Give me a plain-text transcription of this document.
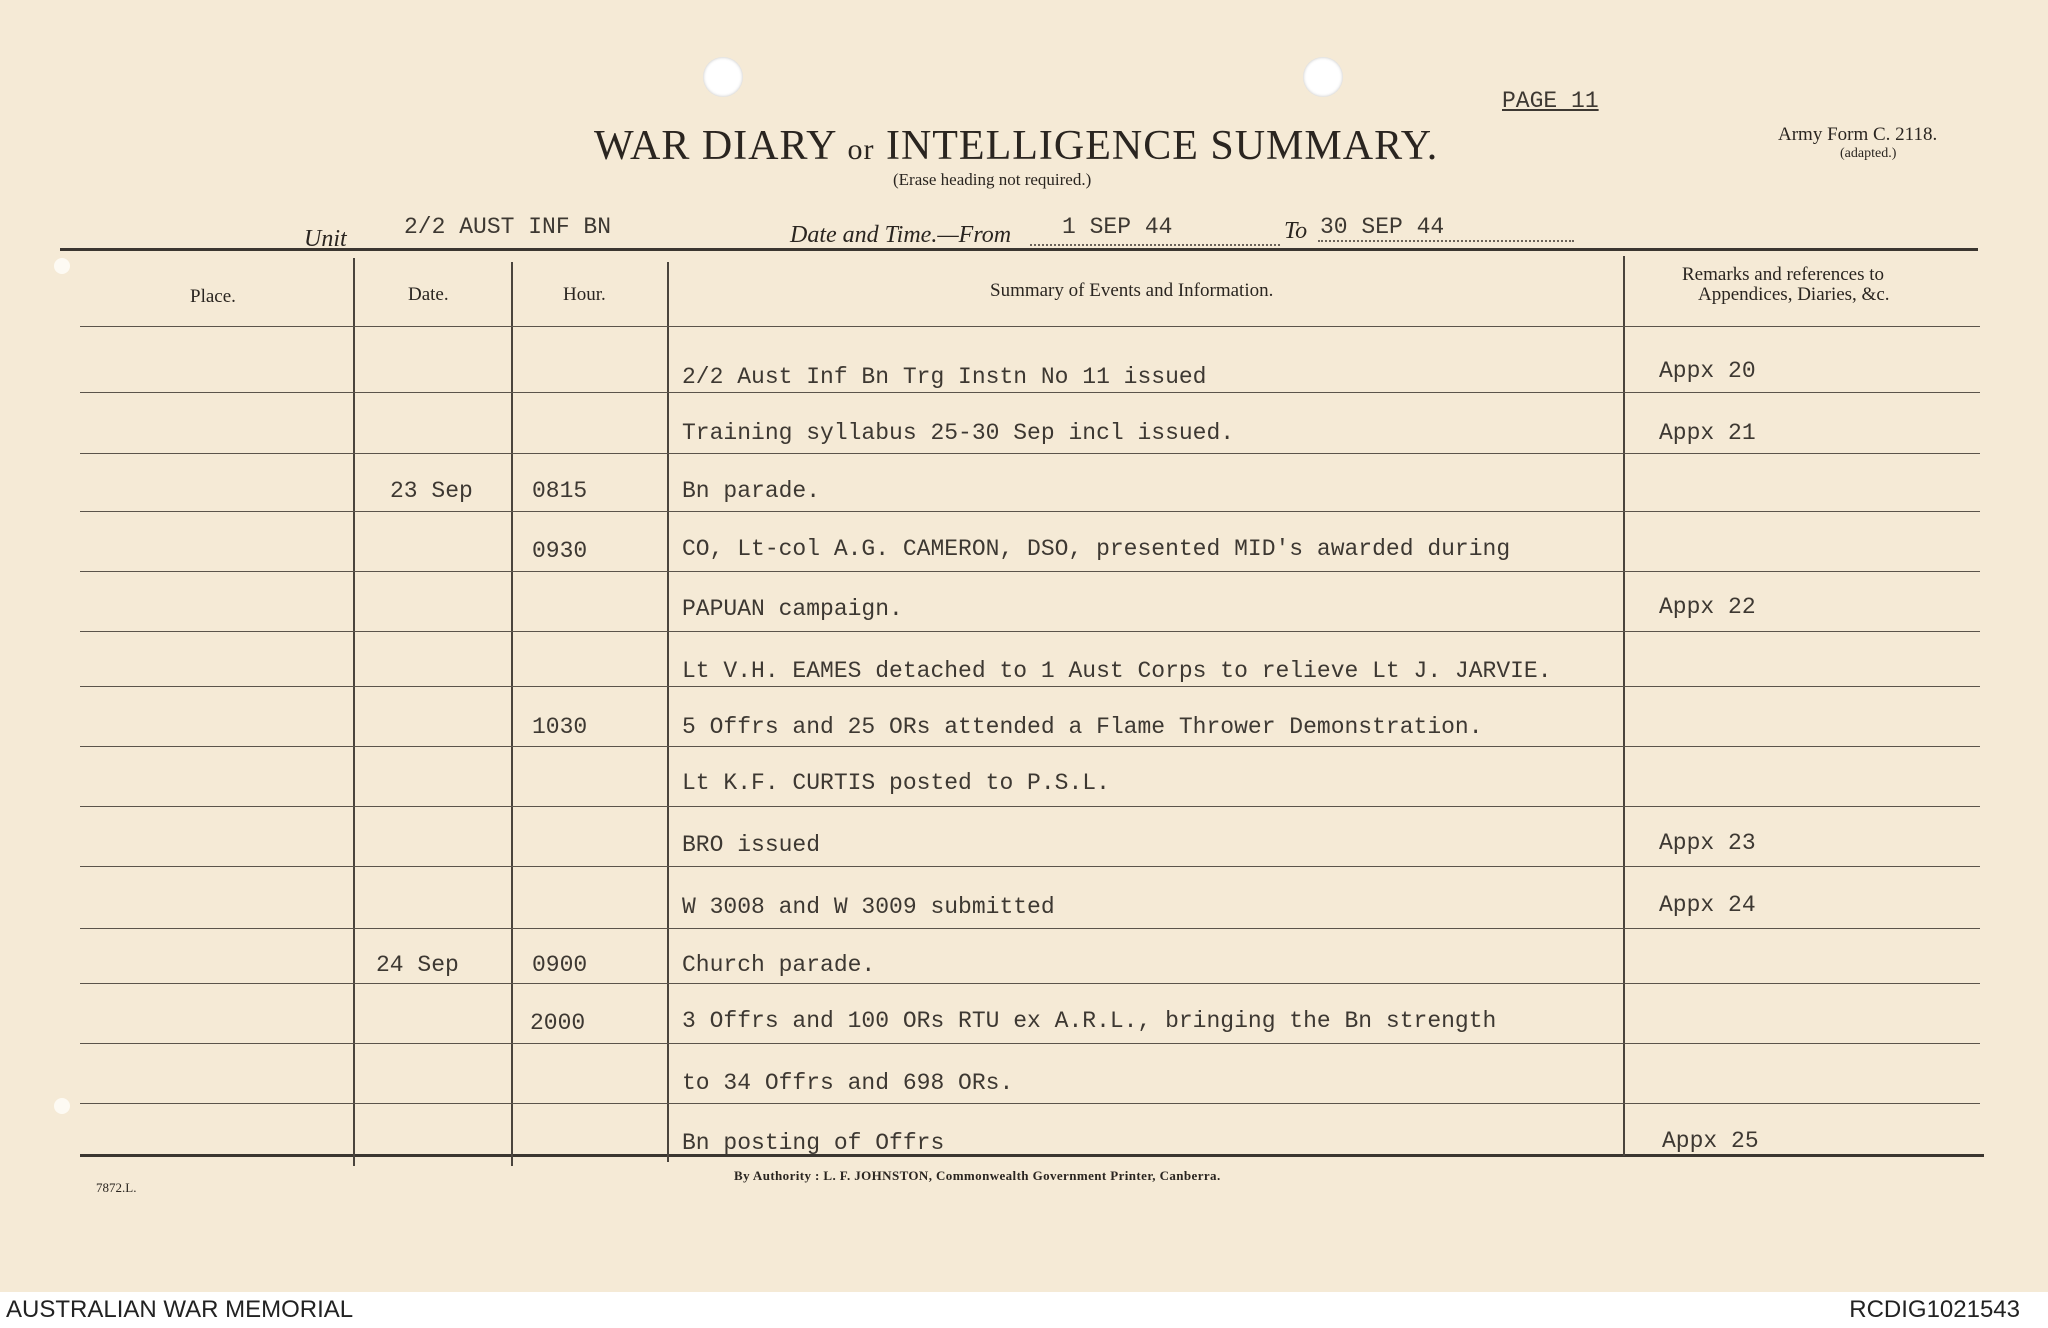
PAGE 11
WAR DIARY or INTELLIGENCE SUMMARY.
(Erase heading not required.)
Army Form C. 2118.
(adapted.)
Unit 2/2 AUST INF BN	Date and Time.—From 1 SEP 44	To 30 SEP 44
Place.	Date.	Hour.	Summary of Events and Information.
Remarks and references to
Appendices, Diaries, &c.
2/2 Aust Inf Bn Trg Instn No 11 issued	Appx 20
Training syllabus 25-30 Sep incl issued.	Appx 21
23 Sep	0815	Bn parade.
0930	CO, Lt-col A.G. CAMERON, DSO, presented MID's awarded during
PAPUAN campaign.	Appx 22
Lt V.H. EAMES detached to 1 Aust Corps to relieve Lt J. JARVIE.
1030	5 Offrs and 25 ORs attended a Flame Thrower Demonstration.
Lt K.F. CURTIS posted to P.S.L.
BRO issued	Appx 23
W 3008 and W 3009 submitted	Appx 24
24 Sep	0900	Church parade.
2000	3 Offrs and 100 ORs RTU ex A.R.L., bringing the Bn strength
to 34 Offrs and 698 ORs.
Bn posting of Offrs	Appx 25
7872.L.
By Authority : L. F. JOHNSTON, Commonwealth Government Printer, Canberra.
AUSTRALIAN WAR MEMORIAL	RCDIG1021543
